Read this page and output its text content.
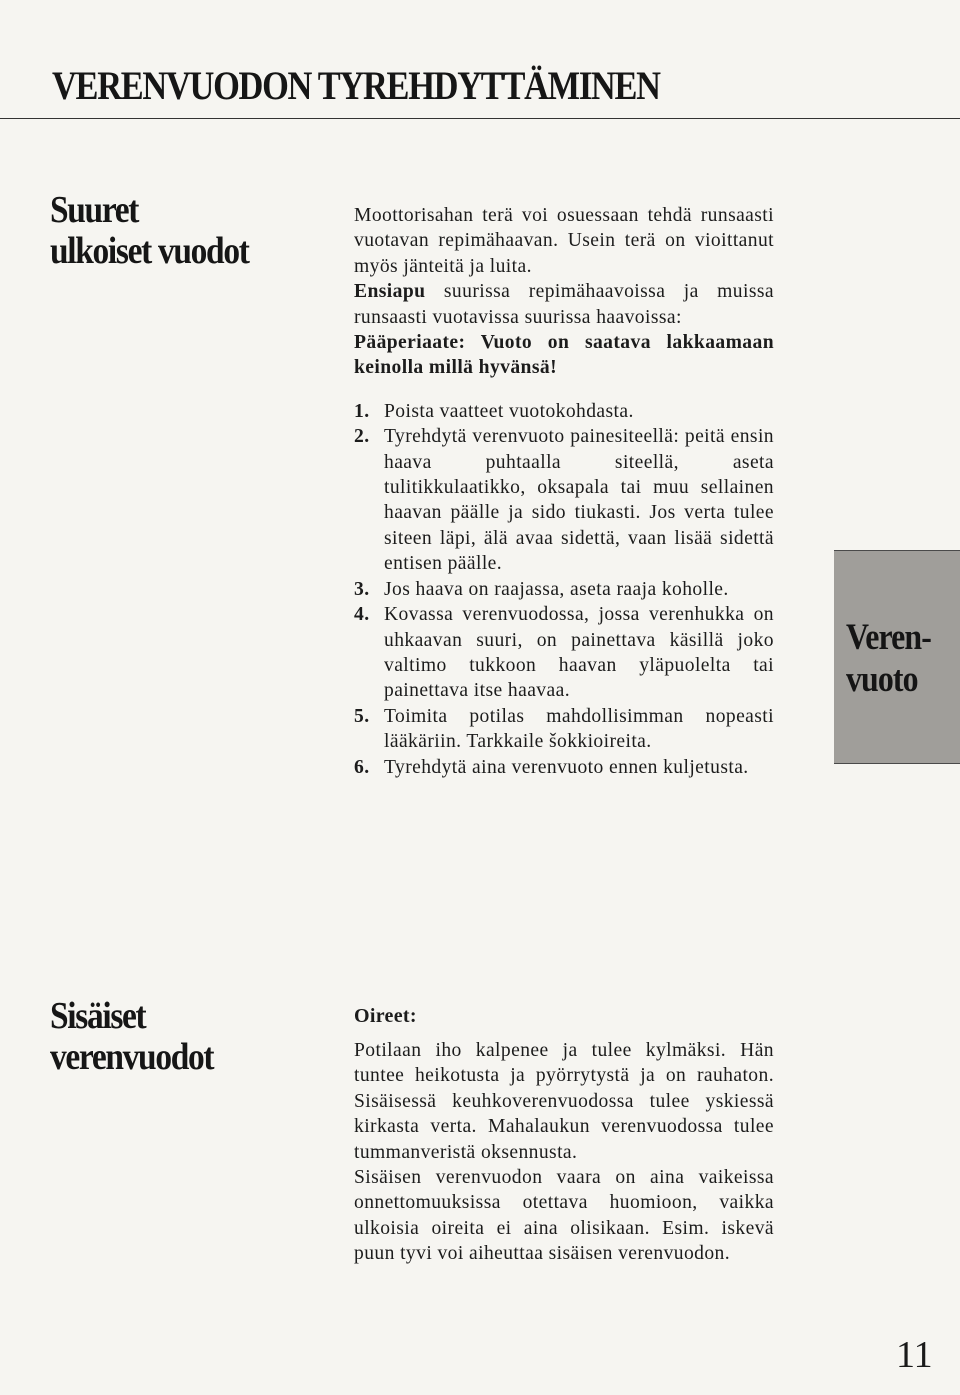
VERENVUODON TYREHDYTTÄMINEN
Suuret
ulkoiset vuodot

Moottorisahan terä voi osuessaan tehdä runsaasti vuotavan repimähaavan. Usein terä on vioittanut myös jänteitä ja luita.

Ensiapu suurissa repimähaavoissa ja muissa runsaasti vuotavissa suurissa haavoissa:

Pääperiaate: Vuoto on saatava lakkaamaan keinolla millä hyvänsä!

1. Poista vaatteet vuotokohdasta.
2. Tyrehdytä verenvuoto painesiteellä: peitä ensin haava puhtaalla siteellä, aseta tulitikkulaatikko, oksapala tai muu sellainen haavan päälle ja sido tiukasti. Jos verta tulee siteen läpi, älä avaa sidettä, vaan lisää sidettä entisen päälle.
3. Jos haava on raajassa, aseta raaja koholle.
4. Kovassa verenvuodossa, jossa verenhukka on uhkaavan suuri, on painettava käsillä joko valtimo tukkoon haavan yläpuolelta tai painettava itse haavaa.
5. Toimita potilas mahdollisimman nopeasti lääkäriin. Tarkkaile šokkioireita.
6. Tyrehdytä aina verenvuoto ennen kuljetusta.
Sisäiset
verenvuodot
Oireet:

Potilaan iho kalpenee ja tulee kylmäksi. Hän tuntee heikotusta ja pyörrytystä ja on rauhaton. Sisäisessä keuhkoverenvuodossa tulee yskiessä kirkasta verta. Mahalaukun verenvuodossa tulee tummanveristä oksennusta.

Sisäisen verenvuodon vaara on aina vaikeissa onnettomuuksissa otettava huomioon, vaikka ulkoisia oireita ei aina olisikaan. Esim. iskevä puun tyvi voi aiheuttaa sisäisen verenvuodon.

Veren-
vuoto
11
